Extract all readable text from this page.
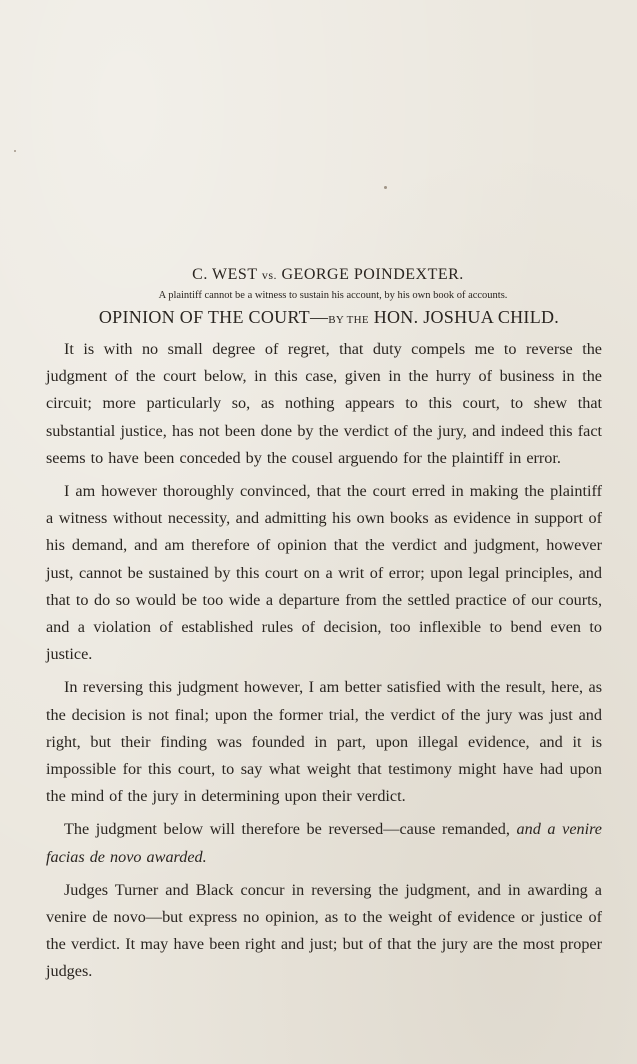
C. WEST vs. GEORGE POINDEXTER.
A plaintiff cannot be a witness to sustain his account, by his own book of accounts.
OPINION OF THE COURT—BY THE HON. JOSHUA CHILD.

It is with no small degree of regret, that duty compels me to reverse the judgment of the court below, in this case, given in the hurry of business in the circuit; more particularly so, as nothing appears to this court, to shew that substantial justice, has not been done by the verdict of the jury, and indeed this fact seems to have been conceded by the cousel arguendo for the plaintiff in error.

I am however thoroughly convinced, that the court erred in making the plaintiff a witness without necessity, and admitting his own books as evidence in support of his demand, and am therefore of opinion that the verdict and judgment, however just, cannot be sustained by this court on a writ of error; upon legal principles, and that to do so would be too wide a departure from the settled practice of our courts, and a violation of established rules of decision, too inflexible to bend even to justice.

In reversing this judgment however, I am better satisfied with the result, here, as the decision is not final; upon the former trial, the verdict of the jury was just and right, but their finding was founded in part, upon illegal evidence, and it is impossible for this court, to say what weight that testimony might have had upon the mind of the jury in determining upon their verdict.

The judgment below will therefore be reversed—cause remanded, and a venire facias de novo awarded.

Judges Turner and Black concur in reversing the judgment, and in awarding a venire de novo—but express no opinion, as to the weight of evidence or justice of the verdict. It may have been right and just; but of that the jury are the most proper judges.
